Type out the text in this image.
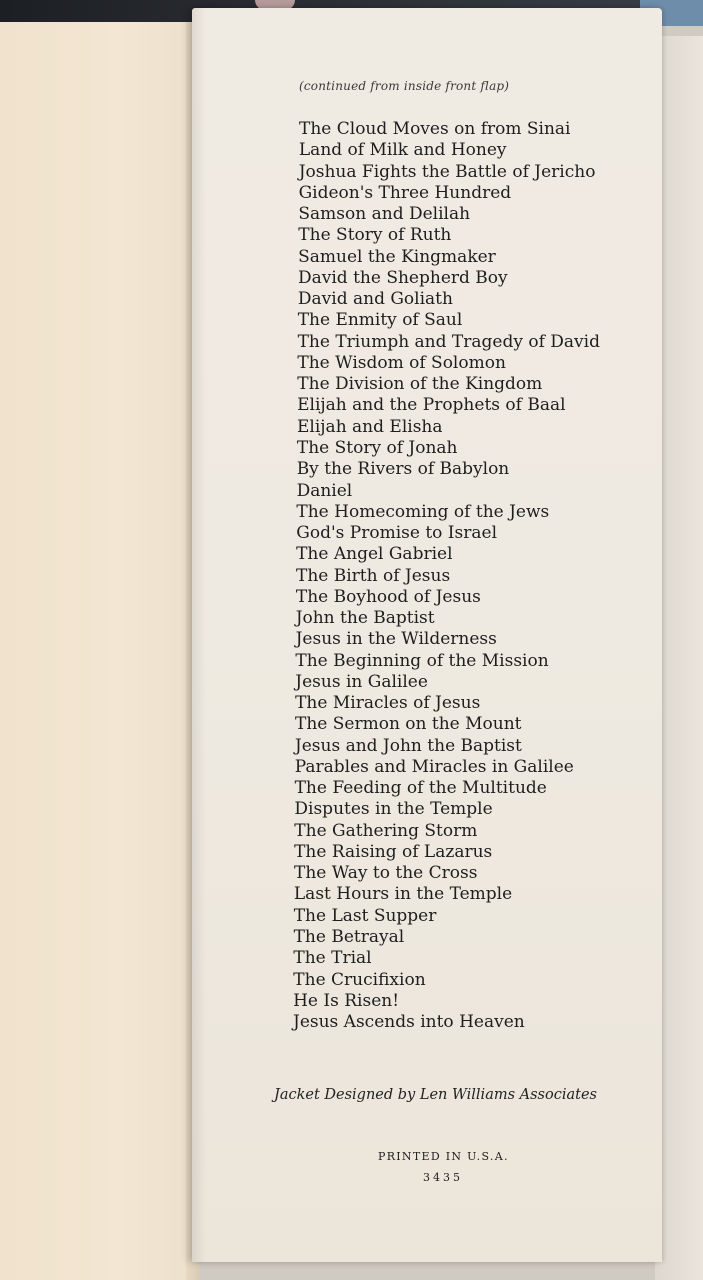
(continued from inside front flap)
The Cloud Moves on from Sinai
Land of Milk and Honey
Joshua Fights the Battle of Jericho
Gideon's Three Hundred
Samson and Delilah
The Story of Ruth
Samuel the Kingmaker
David the Shepherd Boy
David and Goliath
The Enmity of Saul
The Triumph and Tragedy of David
The Wisdom of Solomon
The Division of the Kingdom
Elijah and the Prophets of Baal
Elijah and Elisha
The Story of Jonah
By the Rivers of Babylon
Daniel
The Homecoming of the Jews
God's Promise to Israel
The Angel Gabriel
The Birth of Jesus
The Boyhood of Jesus
John the Baptist
Jesus in the Wilderness
The Beginning of the Mission
Jesus in Galilee
The Miracles of Jesus
The Sermon on the Mount
Jesus and John the Baptist
Parables and Miracles in Galilee
The Feeding of the Multitude
Disputes in the Temple
The Gathering Storm
The Raising of Lazarus
The Way to the Cross
Last Hours in the Temple
The Last Supper
The Betrayal
The Trial
The Crucifixion
He Is Risen!
Jesus Ascends into Heaven
Jacket Designed by Len Williams Associates
PRINTED IN U.S.A.
3435
